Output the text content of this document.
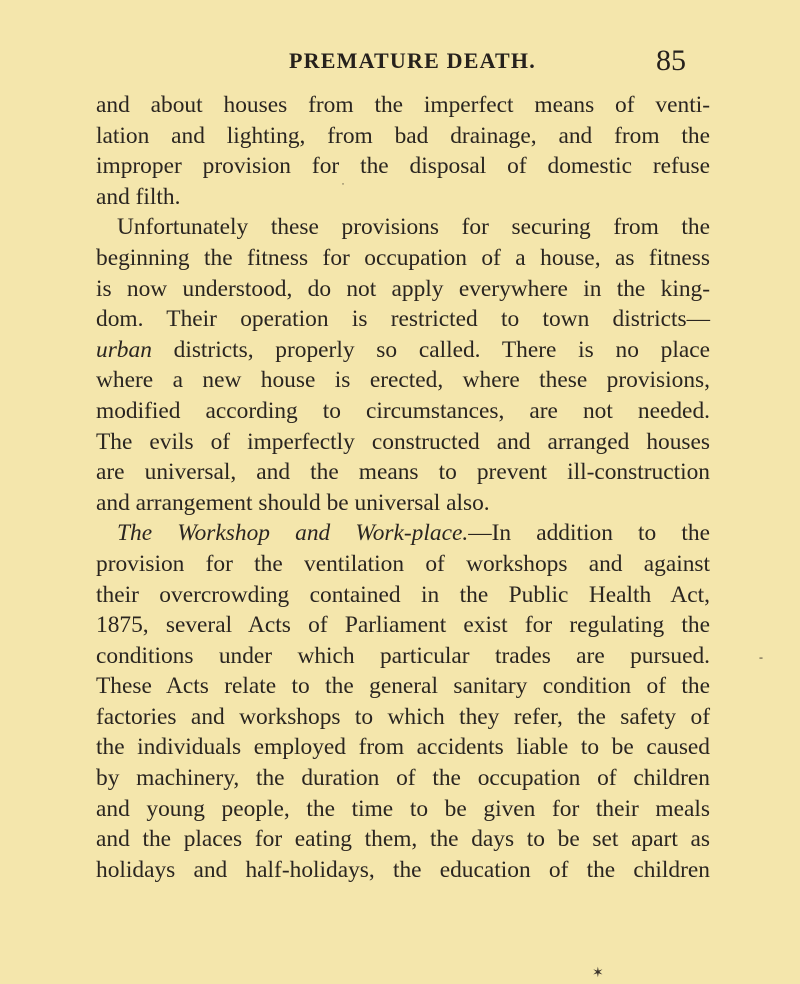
PREMATURE DEATH.	85
and about houses from the imperfect means of venti-
lation and lighting, from bad drainage, and from the
improper provision for the disposal of domestic refuse
and filth.
Unfortunately these provisions for securing from the
beginning the fitness for occupation of a house, as fitness
is now understood, do not apply everywhere in the king-
dom. Their operation is restricted to town districts—
urban districts, properly so called. There is no place
where a new house is erected, where these provisions,
modified according to circumstances, are not needed.
The evils of imperfectly constructed and arranged houses
are universal, and the means to prevent ill-construction
and arrangement should be universal also.
The Workshop and Work-place.—In addition to the
provision for the ventilation of workshops and against
their overcrowding contained in the Public Health Act,
1875, several Acts of Parliament exist for regulating the
conditions under which particular trades are pursued.
These Acts relate to the general sanitary condition of the
factories and workshops to which they refer, the safety of
the individuals employed from accidents liable to be caused
by machinery, the duration of the occupation of children
and young people, the time to be given for their meals
and the places for eating them, the days to be set apart as
holidays and half-holidays, the education of the children
˙
-
✶
